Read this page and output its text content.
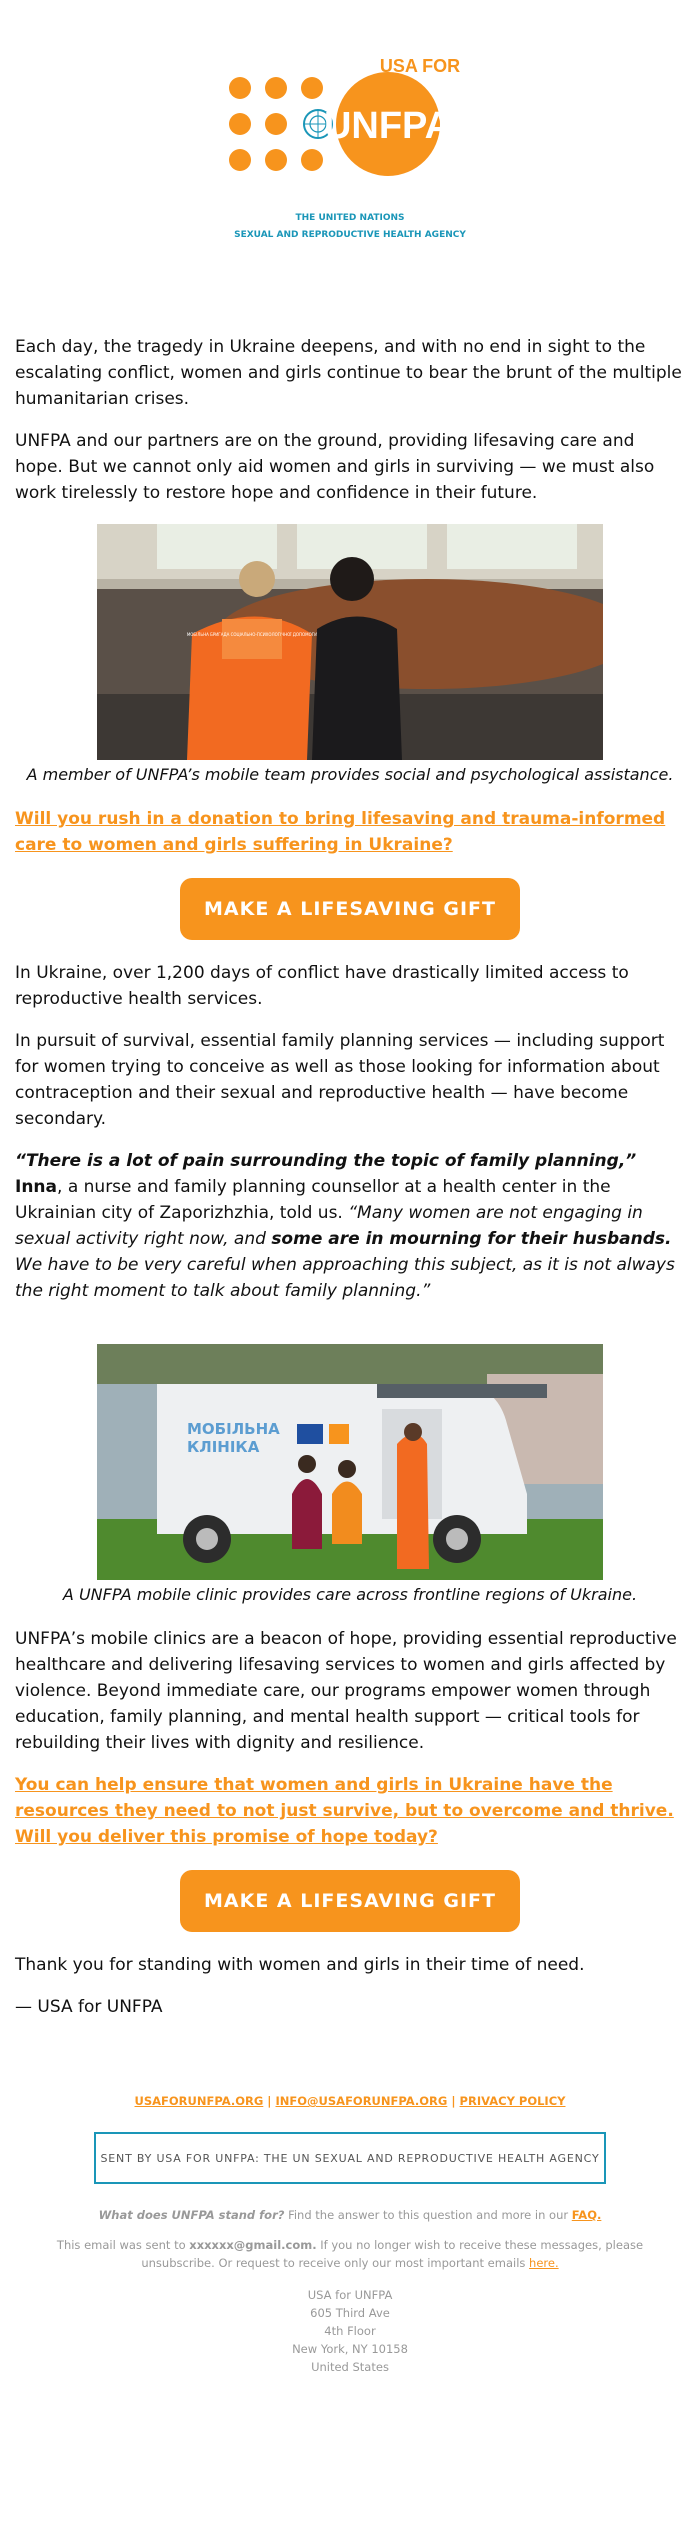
UNFPA
USA FOR
THE UNITED NATIONS
SEXUAL AND REPRODUCTIVE HEALTH AGENCY

Each day, the tragedy in Ukraine deepens, and with no end in sight to the escalating conflict, women and girls continue to bear the brunt of the multiple humanitarian crises.

UNFPA and our partners are on the ground, providing lifesaving care and hope. But we cannot only aid women and girls in surviving — we must also work tirelessly to restore hope and confidence in their future.

МОБІЛЬНА БРИГАДА СОЦІАЛЬНО-ПСИХОЛОГІЧНОЇ ДОПОМОГИ
A member of UNFPA’s mobile team provides social and psychological assistance.
Will you rush in a donation to bring lifesaving and trauma-informed care to women and girls suffering in Ukraine?
MAKE A LIFESAVING GIFT

In Ukraine, over 1,200 days of conflict have drastically limited access to reproductive health services.

In pursuit of survival, essential family planning services — including support for women trying to conceive as well as those looking for information about contraception and their sexual and reproductive health — have become secondary.

“There is a lot of pain surrounding the topic of family planning,” Inna, a nurse and family planning counsellor at a health center in the Ukrainian city of Zaporizhzhia, told us. “Many women are not engaging in sexual activity right now, and some are in mourning for their husbands. We have to be very careful when approaching this subject, as it is not always the right moment to talk about family planning.”

МОБІЛЬНА
КЛІНІКА
A UNFPA mobile clinic provides care across frontline regions of Ukraine.

UNFPA’s mobile clinics are a beacon of hope, providing essential reproductive healthcare and delivering lifesaving services to women and girls affected by violence. Beyond immediate care, our programs empower women through education, family planning, and mental health support — critical tools for rebuilding their lives with dignity and resilience.

You can help ensure that women and girls in Ukraine have the resources they need to not just survive, but to overcome and thrive. Will you deliver this promise of hope today?
MAKE A LIFESAVING GIFT

Thank you for standing with women and girls in their time of need.

— USA for UNFPA

USAFORUNFPA.ORG | INFO@USAFORUNFPA.ORG | PRIVACY POLICY
SENT BY USA FOR UNFPA: THE UN SEXUAL AND REPRODUCTIVE HEALTH AGENCY
What does UNFPA stand for? Find the answer to this question and more in our FAQ.
This email was sent to xxxxxx@gmail.com. If you no longer wish to receive these messages, please unsubscribe. Or request to receive only our most important emails here.
USA for UNFPA
605 Third Ave
4th Floor
New York, NY 10158
United States
